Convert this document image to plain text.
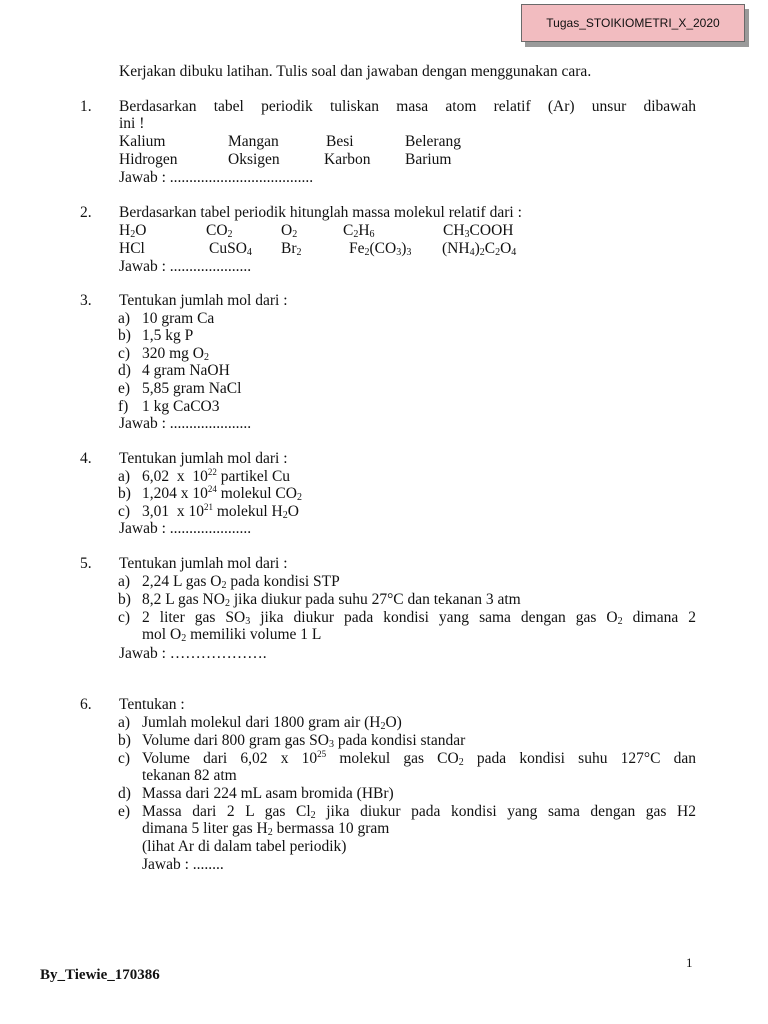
Tugas_STOIKIOMETRI_X_2020
Kerjakan dibuku latihan. Tulis soal dan jawaban dengan menggunakan cara.
1. Berdasarkan tabel periodik tuliskan masa atom relatif (Ar) unsur dibawah
ini !
Kalium	Mangan	Besi	Belerang
Hidrogen	Oksigen	Karbon Barium
Jawab : .....................................
2. Berdasarkan tabel periodik hitunglah massa molekul relatif dari :
$H_2O$	$CO_2$	$O_2$	$C_2H_6$	$CH_3COOH$
HCl	CuSO$_4$ $Br_2$	$Fe_2(CO_3)_3$ $(NH_4)_2C_2O_4$
Jawab : .....................
3. Tentukan jumlah mol dari :
a) 10 gram Ca
b) 1,5 kg P
c) 320 mg $O_2$
d) 4 gram NaOH
e) 5,85 gram NaCl
f) 1 kg CaCO3
Jawab : .....................
4. Tentukan jumlah mol dari :
a) 6,02  x  $10^{22}$ partikel Cu
b) 1,204 x $10^{24}$ molekul $CO_2$
c) 3,01  x $10^{21}$ molekul $H_2O$
Jawab : .....................
5. Tentukan jumlah mol dari :
a) 2,24 L gas $O_2$ pada kondisi STP
b) 8,2 L gas $NO_2$ jika diukur pada suhu 27°C dan tekanan 3 atm
c) 2 liter gas $SO_3$ jika diukur pada kondisi yang sama dengan gas $O_2$ dimana 2
mol $O_2$ memiliki volume 1 L
Jawab : ……………….
6. Tentukan :
a) Jumlah molekul dari 1800 gram air $(H_2O)$
b) Volume dari 800 gram gas $SO_3$ pada kondisi standar
c) Volume dari 6,02 x $10^{25}$ molekul gas $CO_2$ pada kondisi suhu 127°C dan
tekanan 82 atm
d) Massa dari 224 mL asam bromida (HBr)
e) Massa dari 2 L gas $Cl_2$ jika diukur pada kondisi yang sama dengan gas H2
dimana 5 liter gas $H_2$ bermassa 10 gram
(lihat Ar di dalam tabel periodik)
Jawab : ........
1
By_Tiewie_170386
